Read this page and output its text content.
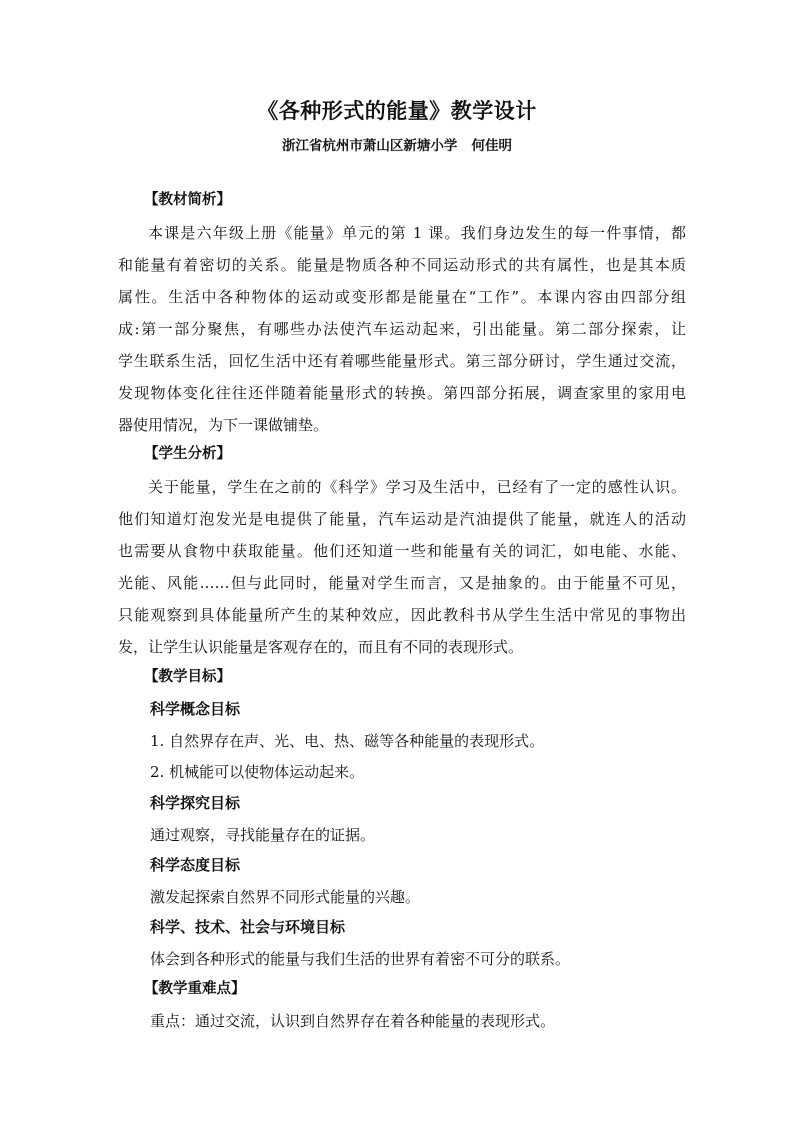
《各种形式的能量》教学设计
浙江省杭州市萧山区新塘小学   何佳明
【教材简析】
本课是六年级上册《能量》单元的第 1 课。我们身边发生的每一件事情，都
和能量有着密切的关系。能量是物质各种不同运动形式的共有属性，也是其本质
属性。生活中各种物体的运动或变形都是能量在“工作”。本课内容由四部分组
成:第一部分聚焦，有哪些办法使汽车运动起来，引出能量。第二部分探索，让
学生联系生活，回忆生活中还有着哪些能量形式。第三部分研讨，学生通过交流，
发现物体变化往往还伴随着能量形式的转换。第四部分拓展，调查家里的家用电
器使用情况，为下一课做铺垫。
【学生分析】
关于能量，学生在之前的《科学》学习及生活中，已经有了一定的感性认识。
他们知道灯泡发光是电提供了能量，汽车运动是汽油提供了能量，就连人的活动
也需要从食物中获取能量。他们还知道一些和能量有关的词汇，如电能、水能、
光能、风能……但与此同时，能量对学生而言，又是抽象的。由于能量不可见，
只能观察到具体能量所产生的某种效应，因此教科书从学生生活中常见的事物出
发，让学生认识能量是客观存在的，而且有不同的表现形式。
【教学目标】
科学概念目标
1. 自然界存在声、光、电、热、磁等各种能量的表现形式。
2. 机械能可以使物体运动起来。
科学探究目标
通过观察，寻找能量存在的证据。
科学态度目标
激发起探索自然界不同形式能量的兴趣。
科学、技术、社会与环境目标
体会到各种形式的能量与我们生活的世界有着密不可分的联系。
【教学重难点】
重点：通过交流，认识到自然界存在着各种能量的表现形式。
